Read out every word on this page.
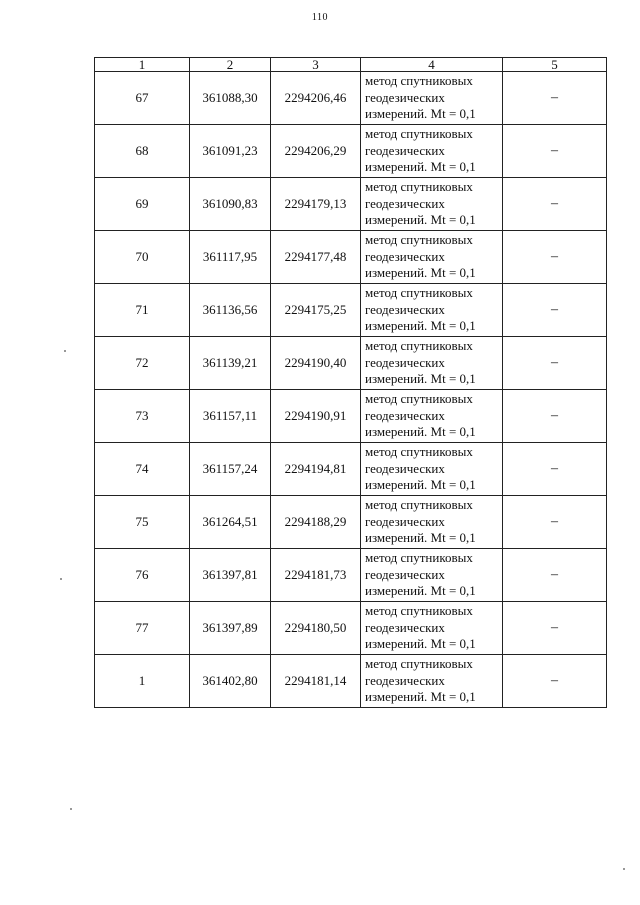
110
1	2	3	4	5
67	361088,30	2294206,46	метод спутниковых
геодезических
измерений. Mt = 0,1	–
68	361091,23	2294206,29	метод спутниковых
геодезических
измерений. Mt = 0,1	–
69	361090,83	2294179,13	метод спутниковых
геодезических
измерений. Mt = 0,1	–
70	361117,95	2294177,48	метод спутниковых
геодезических
измерений. Mt = 0,1	–
71	361136,56	2294175,25	метод спутниковых
геодезических
измерений. Mt = 0,1	–
72	361139,21	2294190,40	метод спутниковых
геодезических
измерений. Mt = 0,1	–
73	361157,11	2294190,91	метод спутниковых
геодезических
измерений. Mt = 0,1	–
74	361157,24	2294194,81	метод спутниковых
геодезических
измерений. Mt = 0,1	–
75	361264,51	2294188,29	метод спутниковых
геодезических
измерений. Mt = 0,1	–
76	361397,81	2294181,73	метод спутниковых
геодезических
измерений. Mt = 0,1	–
77	361397,89	2294180,50	метод спутниковых
геодезических
измерений. Mt = 0,1	–
1	361402,80	2294181,14	метод спутниковых
геодезических
измерений. Mt = 0,1	–
